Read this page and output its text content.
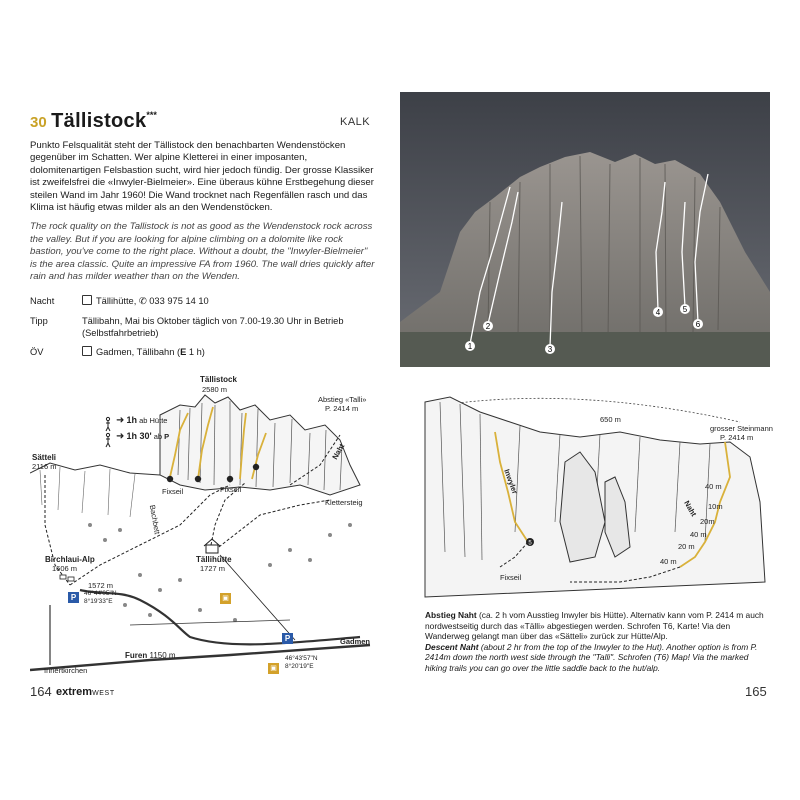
30 Tällistock***
KALK

Punkto Felsqualität steht der Tällistock den benachbarten Wendenstöcken gegenüber im Schatten. Wer alpine Kletterei in einer imposanten, dolomitenartigen Felsbastion sucht, wird hier jedoch fündig. Der grosse Klassiker ist zweifelsfrei die «Inwyler-Bielmeier». Eine überaus kühne Erstbegehung dieser steilen Wand im Jahr 1960! Die Wand trocknet nach Regenfällen rasch und das Klima ist häufig etwas milder als an den Wendenstöcken.

The rock quality on the Tallistock is not as good as the Wendenstock rock across the valley. But if you are looking for alpine climbing on a dolomite like rock bastion, you've come to the right place. Without a doubt, the "Inwyler-Bielmeier" is the area classic. Quite an impressive FA from 1960. The wall dries quickly after rain and has milder weather than on the Wenden.

Nacht	Tällihütte, ✆ 033 975 14 10
Tipp	Tällibahn, Mai bis Oktober täglich von 7.00-19.30 Uhr in Betrieb (Selbstfahrbetrieb)
ÖV	Gadmen, Tällibahn (E 1 h)
Tällistock
2580 m
➜ 1h ab Hütte
➜ 1h 30' ab P
Abstieg «Talli»
P. 2414 m
Sätteli
2116 m
Naht
Fixseil	Fixseil
Klettersteig
Bachbett
Birchlaui-Alp
1606 m
Tällihütte
1727 m
P
1572 m
46°44'05"N
8°19'33"E	▣
P
▣
46°43'57"N
8°20'19"E
Gadmen
Furen 1150 m
Innertkirchen
164 extremWEST
1
2
3
4	5
6
5
650 m
grosser Steinmann
P. 2414 m
Inwyler
Naht
Fixseil
40 m
10m
20m
40 m
20 m
40 m

Abstieg Naht (ca. 2 h vom Ausstieg Inwyler bis Hütte). Alternativ kann vom P. 2414 m auch nordwestseitig durch das «Tälli» abgestiegen werden. Schrofen T6, Karte! Via den Wanderweg gelangt man über das «Sätteli» zurück zur Hütte/Alp.

Descent Naht (about 2 hr from the top of the Inwyler to the Hut). Another option is from P. 2414m down the north west side through the "Talli". Schrofen (T6) Map! Via the marked hiking trails you can go over the little saddle back to the hut/alp.

165
